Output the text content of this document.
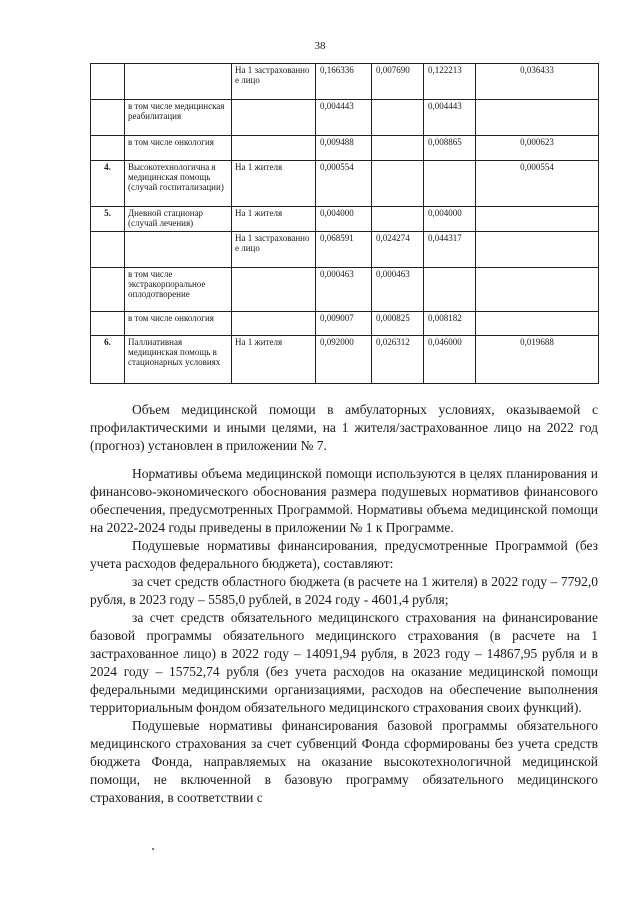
38
		На 1 застрахованно е лицо	0,166336	0,007690	0,122213	0,036433
	в том числе медицинская реабилитация		0,004443		0,004443	
	в том числе онкология		0,009488		0,008865	0,000623
4.	Высокотехнологична я медицинская помощь (случай госпитализации)	На 1 жителя	0,000554			0,000554
5.	Дневной стационар (случай лечения)	На 1 жителя	0,004000		0,004000	
		На 1 застрахованно е лицо	0,068591	0,024274	0,044317	
	в том числе экстракорпоральное оплодотворение		0,000463	0,000463		
	в том числе онкология		0,009007	0,000825	0,008182	
6.	Паллиативная медицинская помощь в стационарных условиях	На 1 жителя	0,092000	0,026312	0,046000	0,019688

Объем медицинской помощи в амбулаторных условиях, оказываемой с профилактическими и иными целями, на 1 жителя/застрахованное лицо на 2022 год (прогноз) установлен в приложении № 7.

Нормативы объема медицинской помощи используются в целях планирования и финансово-экономического обоснования размера подушевых нормативов финансового обеспечения, предусмотренных Программой. Нормативы объема медицинской помощи на 2022-2024 годы приведены в приложении № 1 к Программе.

Подушевые нормативы финансирования, предусмотренные Программой (без учета расходов федерального бюджета), составляют:

за счет средств областного бюджета (в расчете на 1 жителя) в 2022 году – 7792,0 рубля, в 2023 году – 5585,0 рублей, в 2024 году - 4601,4 рубля;

за счет средств обязательного медицинского страхования на финансирование базовой программы обязательного медицинского страхования (в расчете на 1 застрахованное лицо) в 2022 году – 14091,94 рубля, в 2023 году – 14867,95 рубля и в 2024 году – 15752,74 рубля (без учета расходов на оказание медицинской помощи федеральными медицинскими организациями, расходов на обеспечение выполнения территориальным фондом обязательного медицинского страхования своих функций).

Подушевые нормативы финансирования базовой программы обязательного медицинского страхования за счет субвенций Фонда сформированы без учета средств бюджета Фонда, направляемых на оказание высокотехнологичной медицинской помощи, не включенной в базовую программу обязательного медицинского страхования, в соответствии с
